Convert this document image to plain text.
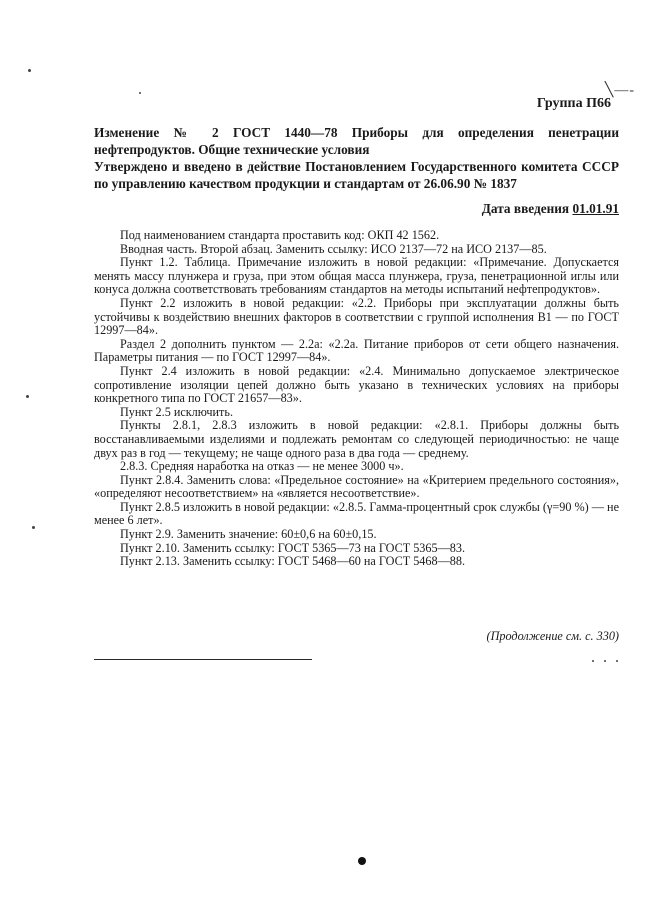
╲—‑
Группа П66
Изменение № 2 ГОСТ 1440—78 Приборы для определения пенетрации нефтепродуктов. Общие технические условия
Утверждено и введено в действие Постановлением Государственного комитета СССР по управлению качеством продукции и стандартам от 26.06.90 № 1837
Дата введения 01.01.91

Под наименованием стандарта проставить код: ОКП 42 1562.

Вводная часть. Второй абзац. Заменить ссылку: ИСО 2137—72 на ИСО 2137—85.

Пункт 1.2. Таблица. Примечание изложить в новой редакции: «Примечание. Допускается менять массу плунжера и груза, при этом общая масса плунжера, груза, пенетрационной иглы или конуса должна соответствовать требованиям стандартов на методы испытаний нефтепродуктов».

Пункт 2.2 изложить в новой редакции: «2.2. Приборы при эксплуатации должны быть устойчивы к воздействию внешних факторов в соответствии с группой исполнения В1 — по ГОСТ 12997—84».

Раздел 2 дополнить пунктом — 2.2а: «2.2а. Питание приборов от сети общего назначения. Параметры питания — по ГОСТ 12997—84».

Пункт 2.4 изложить в новой редакции: «2.4. Минимально допускаемое электрическое сопротивление изоляции цепей должно быть указано в технических условиях на приборы конкретного типа по ГОСТ 21657—83».

Пункт 2.5 исключить.

Пункты 2.8.1, 2.8.3 изложить в новой редакции: «2.8.1. Приборы должны быть восстанавливаемыми изделиями и подлежать ремонтам со следующей периодичностью: не чаще двух раз в год — текущему; не чаще одного раза в два года — среднему.

2.8.3. Средняя наработка на отказ — не менее 3000 ч».

Пункт 2.8.4. Заменить слова: «Предельное состояние» на «Критерием предельного состояния», «определяют несоответствием» на «является несоответствие».

Пункт 2.8.5 изложить в новой редакции: «2.8.5. Гамма-процентный срок службы (γ=90 %) — не менее 6 лет».

Пункт 2.9. Заменить значение: 60±0,6 на 60±0,15.

Пункт 2.10. Заменить ссылку: ГОСТ 5365—73 на ГОСТ 5365—83.

Пункт 2.13. Заменить ссылку: ГОСТ 5468—60 на ГОСТ 5468—88.

(Продолжение см. с. 330)
